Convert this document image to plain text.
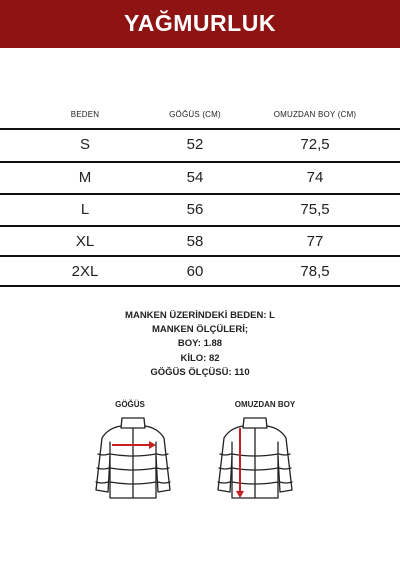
YAĞMURLUK
BEDEN	GÖĞÜS (CM)	OMUZDAN BOY (CM)
S	52	72,5
M	54	74
L	56	75,5
XL	58	77
2XL	60	78,5
MANKEN ÜZERİNDEKİ BEDEN: L
MANKEN ÖLÇÜLERİ;
BOY: 1.88
KİLO: 82
GÖĞÜS ÖLÇÜSÜ: 110
GÖĞÜS	OMUZDAN BOY
